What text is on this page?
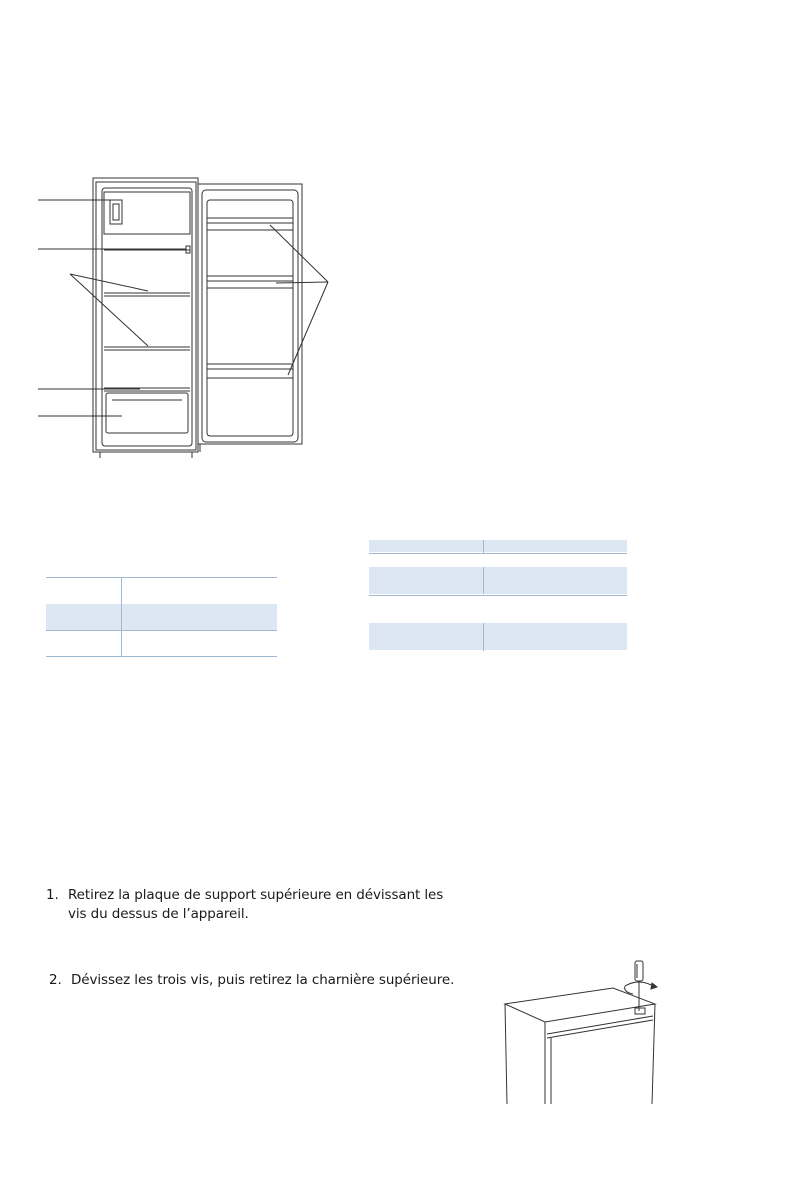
1. Retirez la plaque de support supérieure en dévissant les
vis du dessus de l’appareil.
2. Dévissez les trois vis, puis retirez la charnière supérieure.
